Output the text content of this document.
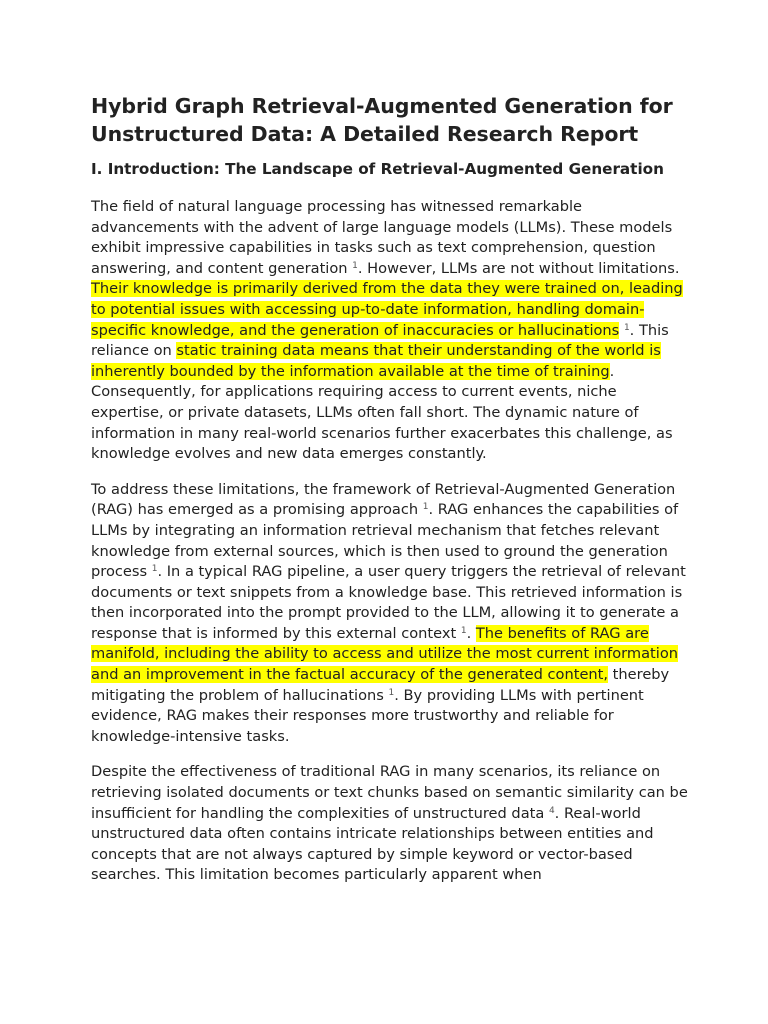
Hybrid Graph Retrieval-Augmented Generation for Unstructured Data: A Detailed Research Report
I. Introduction: The Landscape of Retrieval-Augmented Generation

The field of natural language processing has witnessed remarkable advancements with the advent of large language models (LLMs). These models exhibit impressive capabilities in tasks such as text comprehension, question answering, and content generation $^1$. However, LLMs are not without limitations. Their knowledge is primarily derived from the data they were trained on, leading to potential issues with accessing up-to-date information, handling domain-specific knowledge, and the generation of inaccuracies or hallucinations $^1$. This reliance on static training data means that their understanding of the world is inherently bounded by the information available at the time of training. Consequently, for applications requiring access to current events, niche expertise, or private datasets, LLMs often fall short. The dynamic nature of information in many real-world scenarios further exacerbates this challenge, as knowledge evolves and new data emerges constantly.

To address these limitations, the framework of Retrieval-Augmented Generation (RAG) has emerged as a promising approach $^1$. RAG enhances the capabilities of LLMs by integrating an information retrieval mechanism that fetches relevant knowledge from external sources, which is then used to ground the generation process $^1$. In a typical RAG pipeline, a user query triggers the retrieval of relevant documents or text snippets from a knowledge base. This retrieved information is then incorporated into the prompt provided to the LLM, allowing it to generate a response that is informed by this external context $^1$. The benefits of RAG are manifold, including the ability to access and utilize the most current information and an improvement in the factual accuracy of the generated content, thereby mitigating the problem of hallucinations $^1$. By providing LLMs with pertinent evidence, RAG makes their responses more trustworthy and reliable for knowledge-intensive tasks.

Despite the effectiveness of traditional RAG in many scenarios, its reliance on retrieving isolated documents or text chunks based on semantic similarity can be insufficient for handling the complexities of unstructured data $^4$. Real-world unstructured data often contains intricate relationships between entities and concepts that are not always captured by simple keyword or vector-based searches. This limitation becomes particularly apparent when
